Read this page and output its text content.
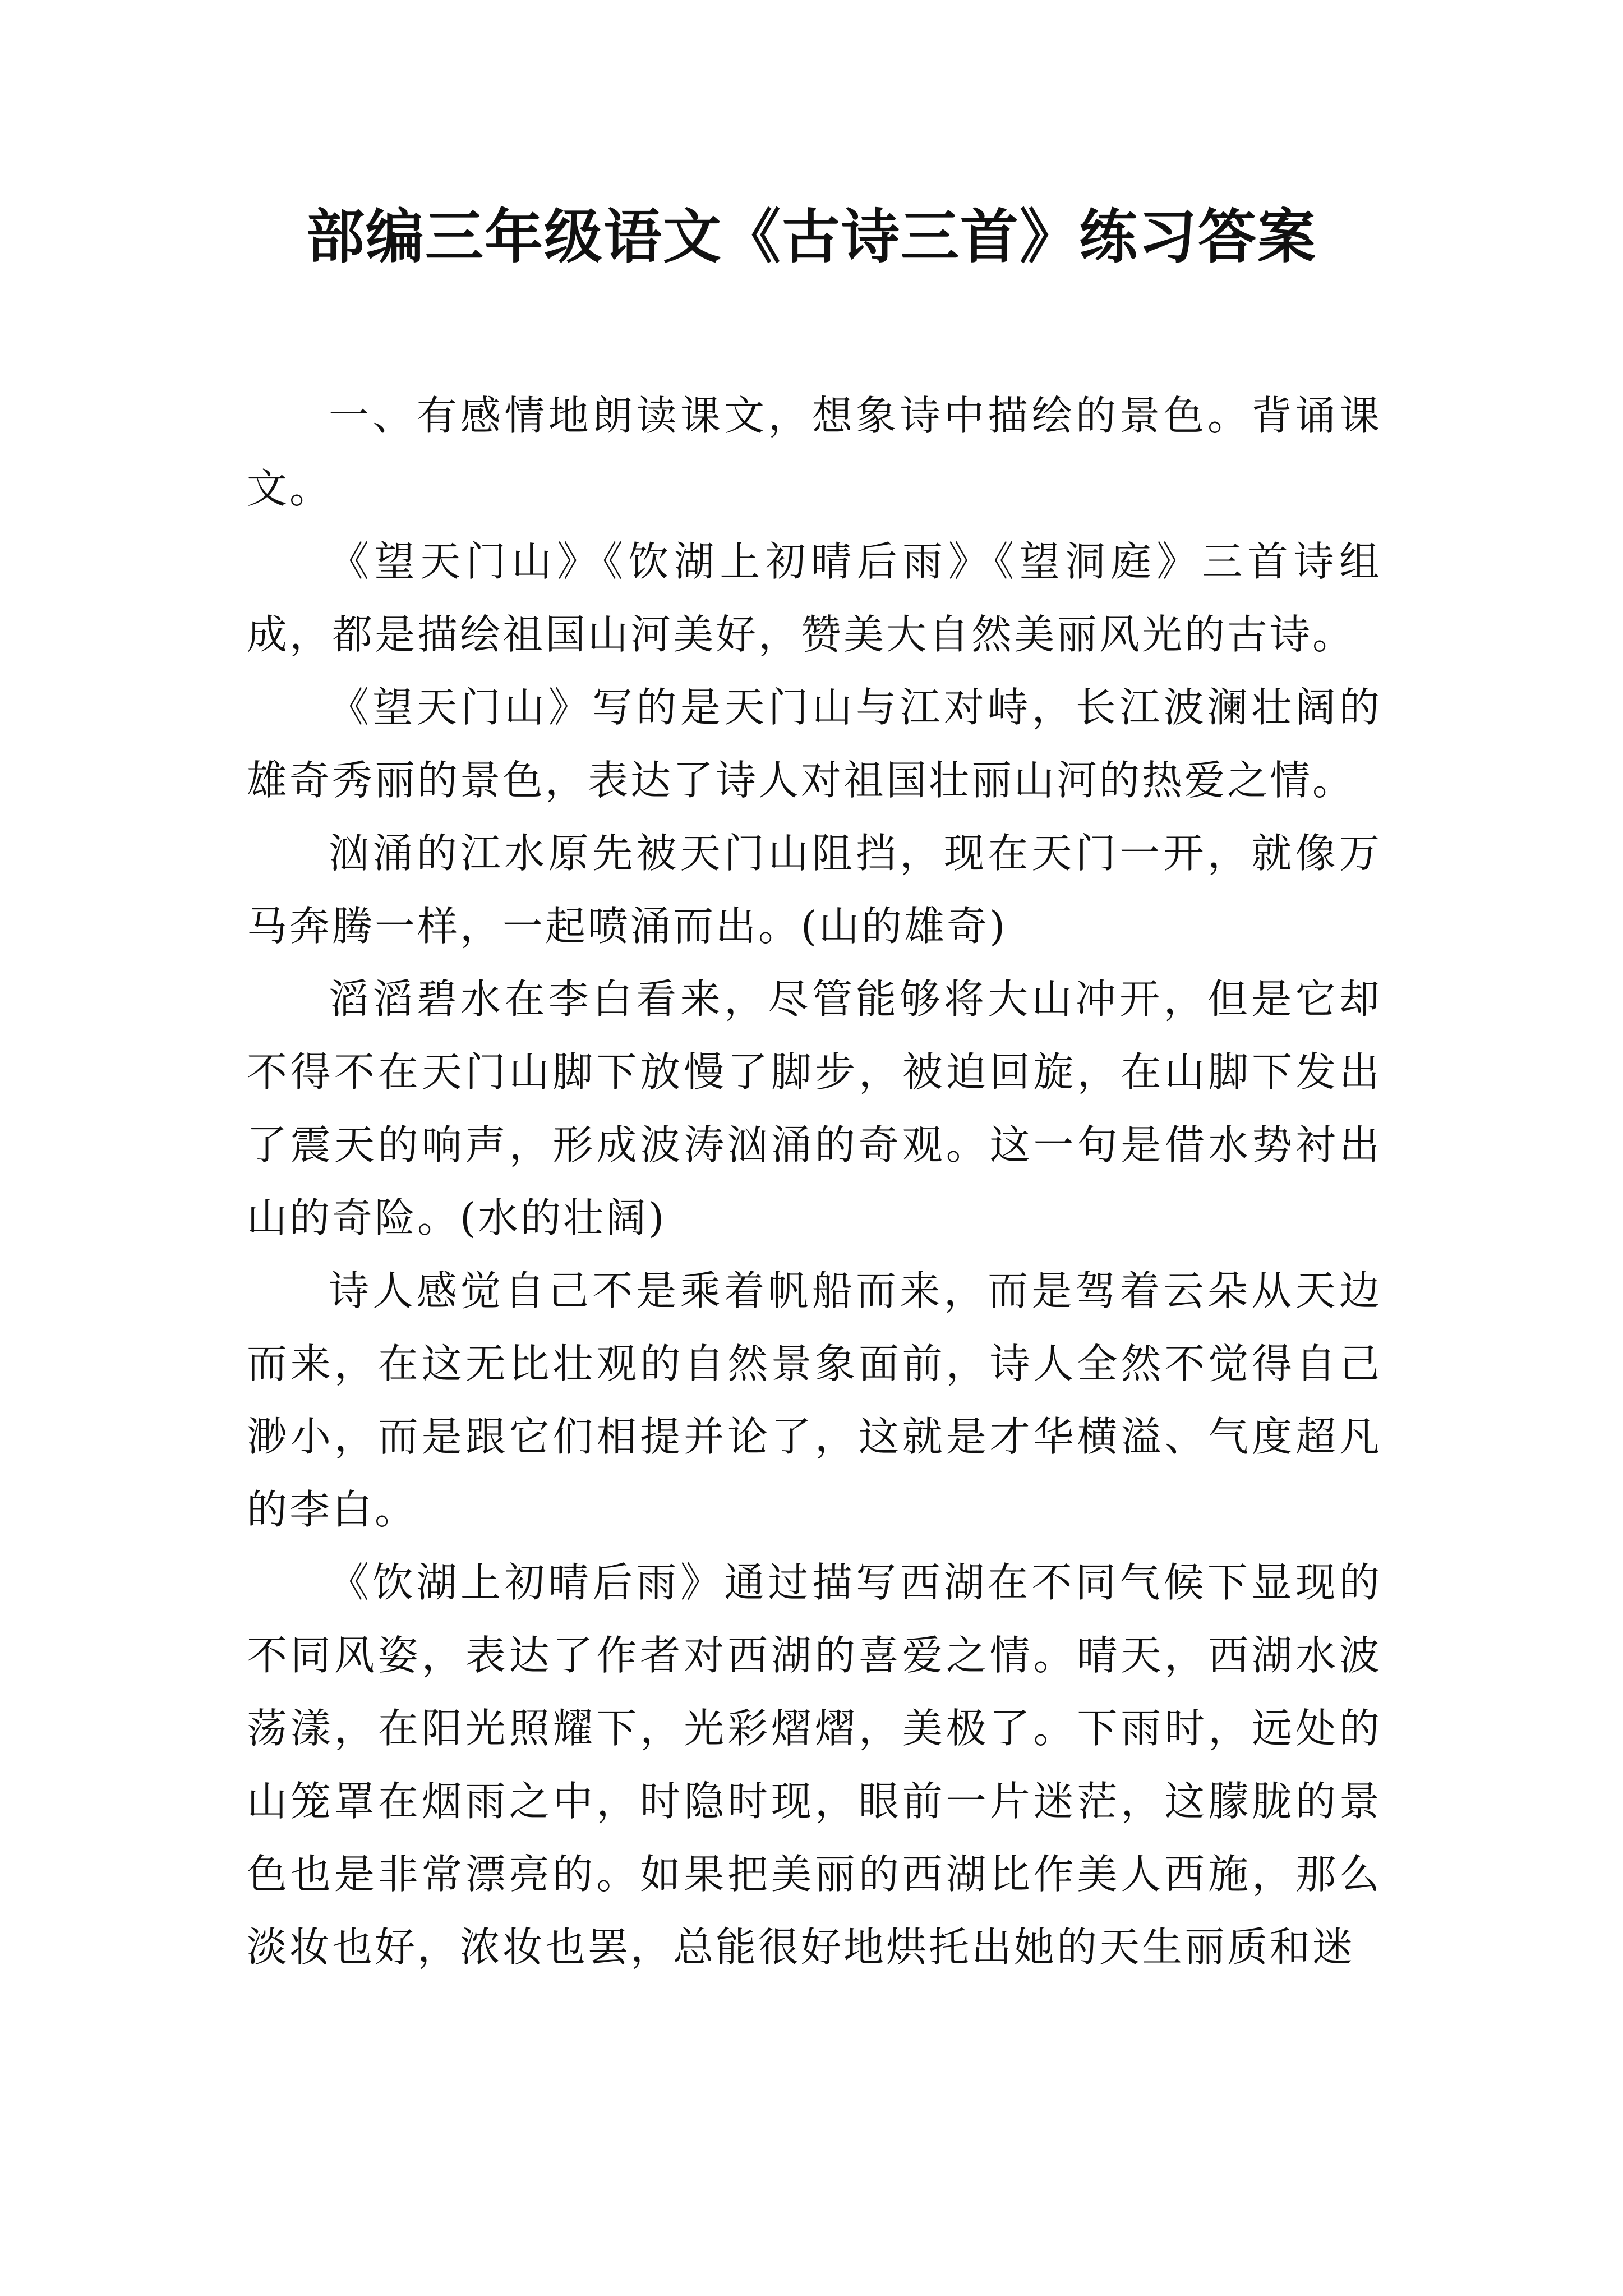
部编三年级语文《古诗三首》练习答案

一、有感情地朗读课文，想象诗中描绘的景色。背诵课文。

《望天门山》《饮湖上初晴后雨》《望洞庭》三首诗组成，都是描绘祖国山河美好，赞美大自然美丽风光的古诗。

《望天门山》写的是天门山与江对峙，长江波澜壮阔的雄奇秀丽的景色，表达了诗人对祖国壮丽山河的热爱之情。

汹涌的江水原先被天门山阻挡，现在天门一开，就像万马奔腾一样，一起喷涌而出。(山的雄奇)

滔滔碧水在李白看来，尽管能够将大山冲开，但是它却不得不在天门山脚下放慢了脚步，被迫回旋，在山脚下发出了震天的响声，形成波涛汹涌的奇观。这一句是借水势衬出山的奇险。(水的壮阔)

诗人感觉自己不是乘着帆船而来，而是驾着云朵从天边而来，在这无比壮观的自然景象面前，诗人全然不觉得自己渺小，而是跟它们相提并论了，这就是才华横溢、气度超凡的李白。

《饮湖上初晴后雨》通过描写西湖在不同气候下显现的不同风姿，表达了作者对西湖的喜爱之情。晴天，西湖水波荡漾，在阳光照耀下，光彩熠熠，美极了。下雨时，远处的山笼罩在烟雨之中，时隐时现，眼前一片迷茫，这朦胧的景色也是非常漂亮的。如果把美丽的西湖比作美人西施，那么淡妆也好，浓妆也罢，总能很好地烘托出她的天生丽质和迷
